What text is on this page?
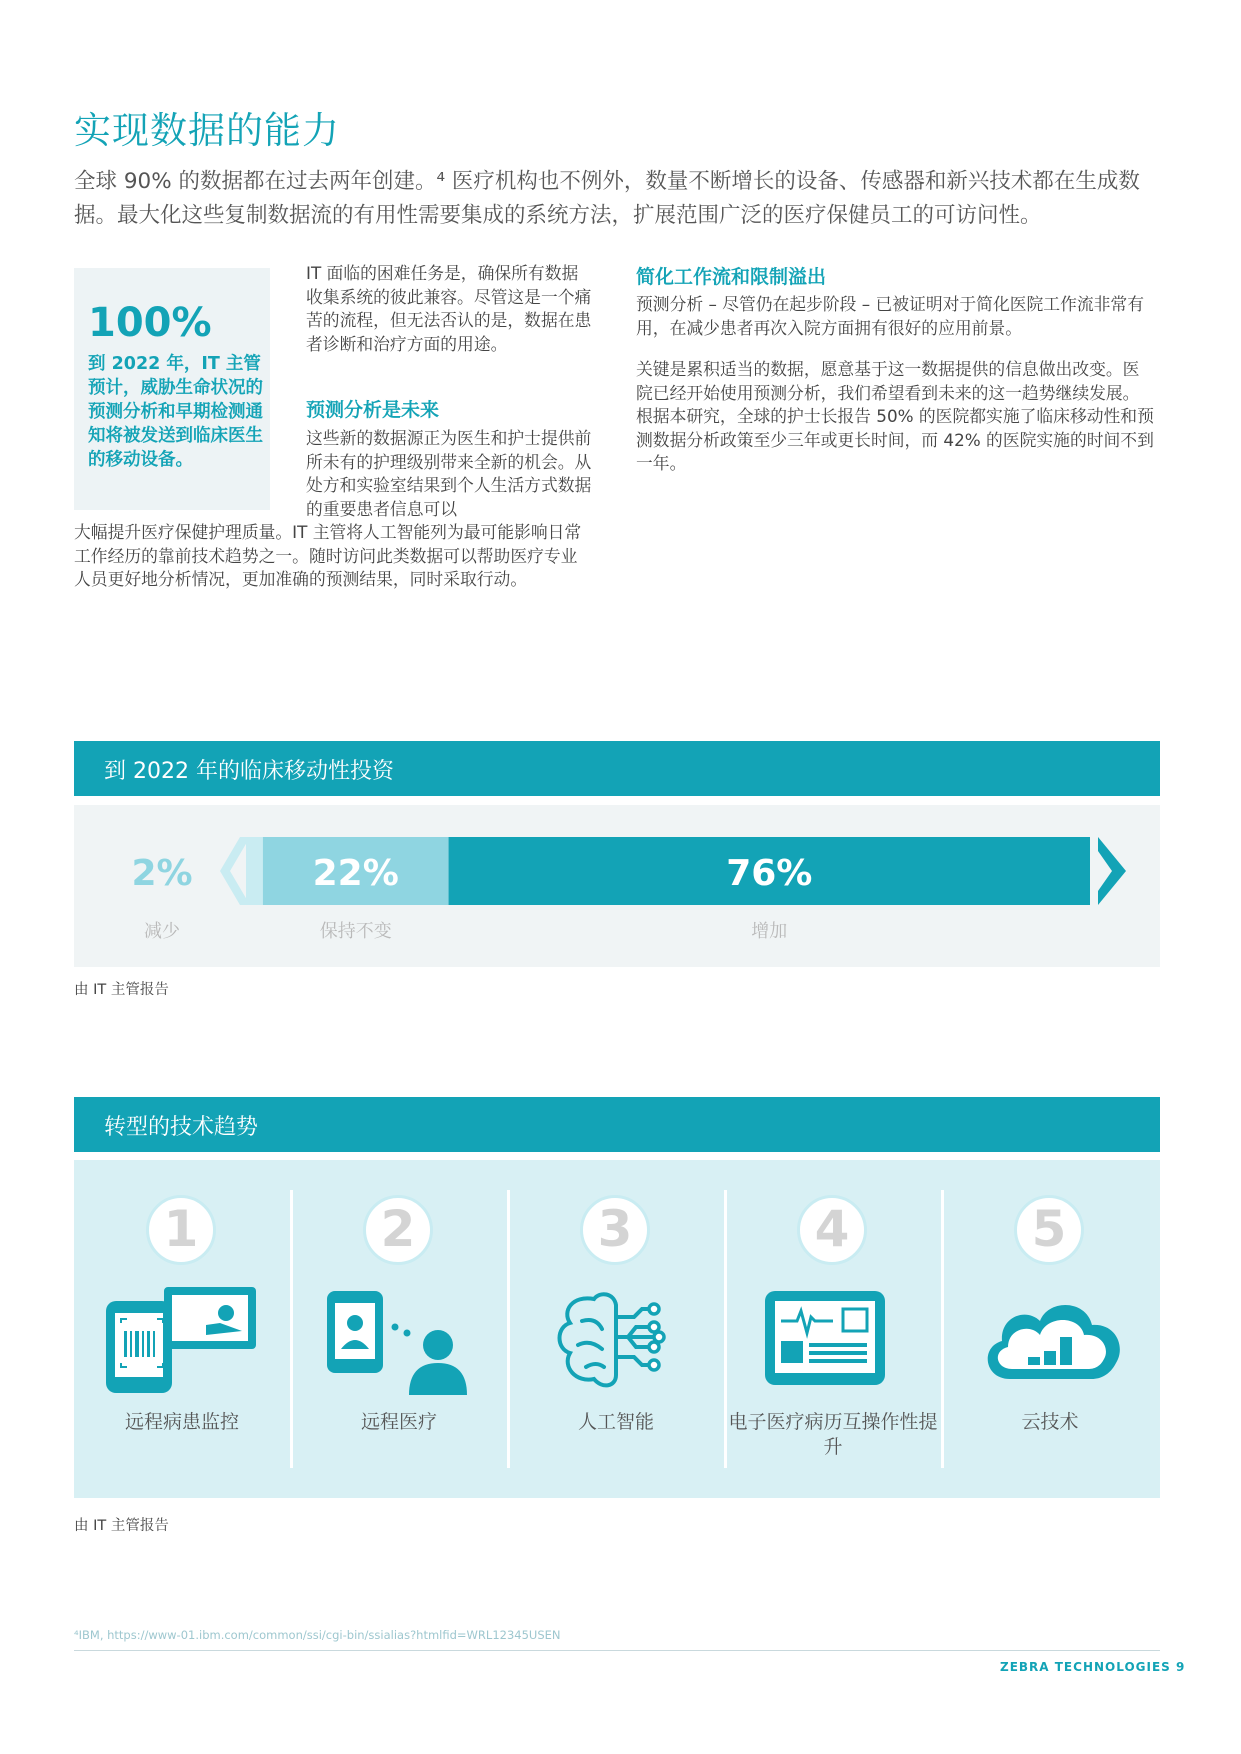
实现数据的能力
全球 90% 的数据都在过去两年创建。⁴ 医疗机构也不例外，数量不断增长的设备、传感器和新兴技术都在生成数据。最大化这些复制数据流的有用性需要集成的系统方法，扩展范围广泛的医疗保健员工的可访问性。
100%
到 2022 年，IT 主管预计，威胁生命状况的预测分析和早期检测通知将被发送到临床医生的移动设备。
IT 面临的困难任务是，确保所有数据收集系统的彼此兼容。尽管这是一个痛苦的流程，但无法否认的是，数据在患者诊断和治疗方面的用途。
预测分析是未来
这些新的数据源正为医生和护士提供前所未有的护理级别带来全新的机会。从处方和实验室结果到个人生活方式数据的重要患者信息可以
大幅提升医疗保健护理质量。IT 主管将人工智能列为最可能影响日常工作经历的靠前技术趋势之一。随时访问此类数据可以帮助医疗专业人员更好地分析情况，更加准确的预测结果，同时采取行动。
简化工作流和限制溢出
预测分析 – 尽管仍在起步阶段 – 已被证明对于简化医院工作流非常有用，在减少患者再次入院方面拥有很好的应用前景。
关键是累积适当的数据，愿意基于这一数据提供的信息做出改变。医院已经开始使用预测分析，我们希望看到未来的这一趋势继续发展。根据本研究，全球的护士长报告 50% 的医院都实施了临床移动性和预测数据分析政策至少三年或更长时间，而 42% 的医院实施的时间不到一年。
到 2022 年的临床移动性投资
2%	22%	76%
减少	保持不变	增加
由 IT 主管报告
转型的技术趋势
1
远程病患监控
2
远程医疗
3
人工智能
4
电子医疗病历互操作性提升
5
云技术
由 IT 主管报告
⁴IBM, https://www-01.ibm.com/common/ssi/cgi-bin/ssialias?htmlfid=WRL12345USEN
ZEBRA TECHNOLOGIES 9
